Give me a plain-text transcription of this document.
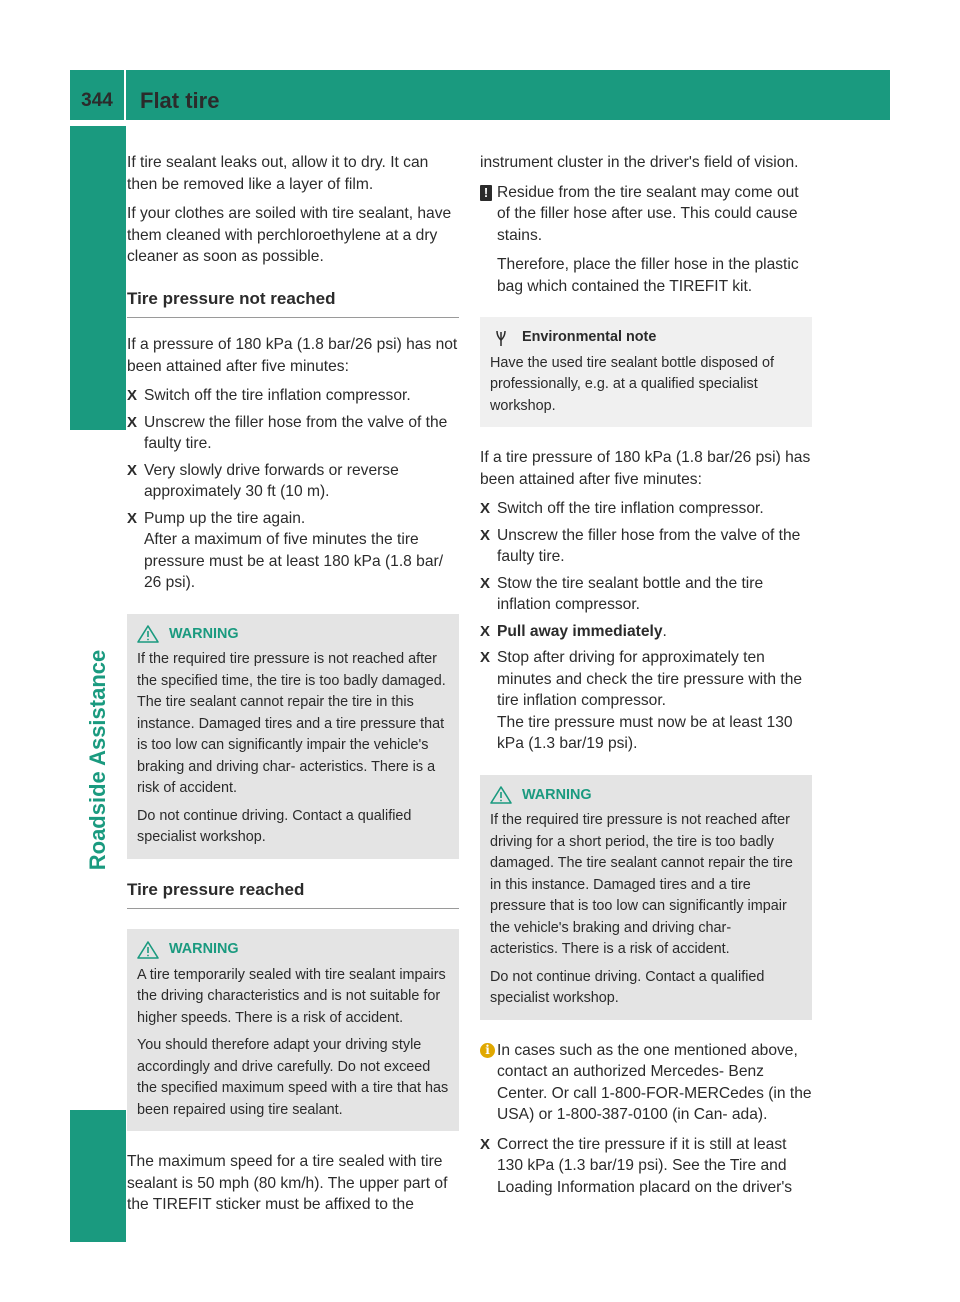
344	Flat tire
Roadside Assistance

If tire sealant leaks out, allow it to dry. It can then be removed like a layer of film.

If your clothes are soiled with tire sealant, have them cleaned with perchloroethylene at a dry cleaner as soon as possible.

Tire pressure not reached

If a pressure of 180 kPa (1.8 bar/26 psi) has not been attained after five minutes:

X Switch off the tire inflation compressor.
X Unscrew the filler hose from the valve of the faulty tire.
X Very slowly drive forwards or reverse approximately 30 ft (10 m).
X Pump up the tire again.
After a maximum of five minutes the tire pressure must be at least 180 kPa (1.8 bar/ 26 psi).
WARNING

If the required tire pressure is not reached after the specified time, the tire is too badly damaged. The tire sealant cannot repair the tire in this instance. Damaged tires and a tire pressure that is too low can significantly impair the vehicle's braking and driving char- acteristics. There is a risk of accident.

Do not continue driving. Contact a qualified specialist workshop.

Tire pressure reached
WARNING

A tire temporarily sealed with tire sealant impairs the driving characteristics and is not suitable for higher speeds. There is a risk of accident.

You should therefore adapt your driving style accordingly and drive carefully. Do not exceed the specified maximum speed with a tire that has been repaired using tire sealant.

The maximum speed for a tire sealed with tire sealant is 50 mph (80 km/h). The upper part of the TIREFIT sticker must be affixed to the

instrument cluster in the driver's field of vision.

! Residue from the tire sealant may come out of the filler hose after use. This could cause stains.
Therefore, place the filler hose in the plastic bag which contained the TIREFIT kit.
Environmental note

Have the used tire sealant bottle disposed of professionally, e.g. at a qualified specialist workshop.

If a tire pressure of 180 kPa (1.8 bar/26 psi) has been attained after five minutes:

X Switch off the tire inflation compressor.
X Unscrew the filler hose from the valve of the faulty tire.
X Stow the tire sealant bottle and the tire inflation compressor.
X Pull away immediately.
X Stop after driving for approximately ten minutes and check the tire pressure with the tire inflation compressor.
The tire pressure must now be at least 130 kPa (1.3 bar/19 psi).
WARNING

If the required tire pressure is not reached after driving for a short period, the tire is too badly damaged. The tire sealant cannot repair the tire in this instance. Damaged tires and a tire pressure that is too low can significantly impair the vehicle's braking and driving char- acteristics. There is a risk of accident.

Do not continue driving. Contact a qualified specialist workshop.

i In cases such as the one mentioned above, contact an authorized Mercedes- Benz Center. Or call 1-800-FOR-MERCedes (in the USA) or 1-800-387-0100 (in Can- ada).
X Correct the tire pressure if it is still at least 130 kPa (1.3 bar/19 psi). See the Tire and Loading Information placard on the driver's
